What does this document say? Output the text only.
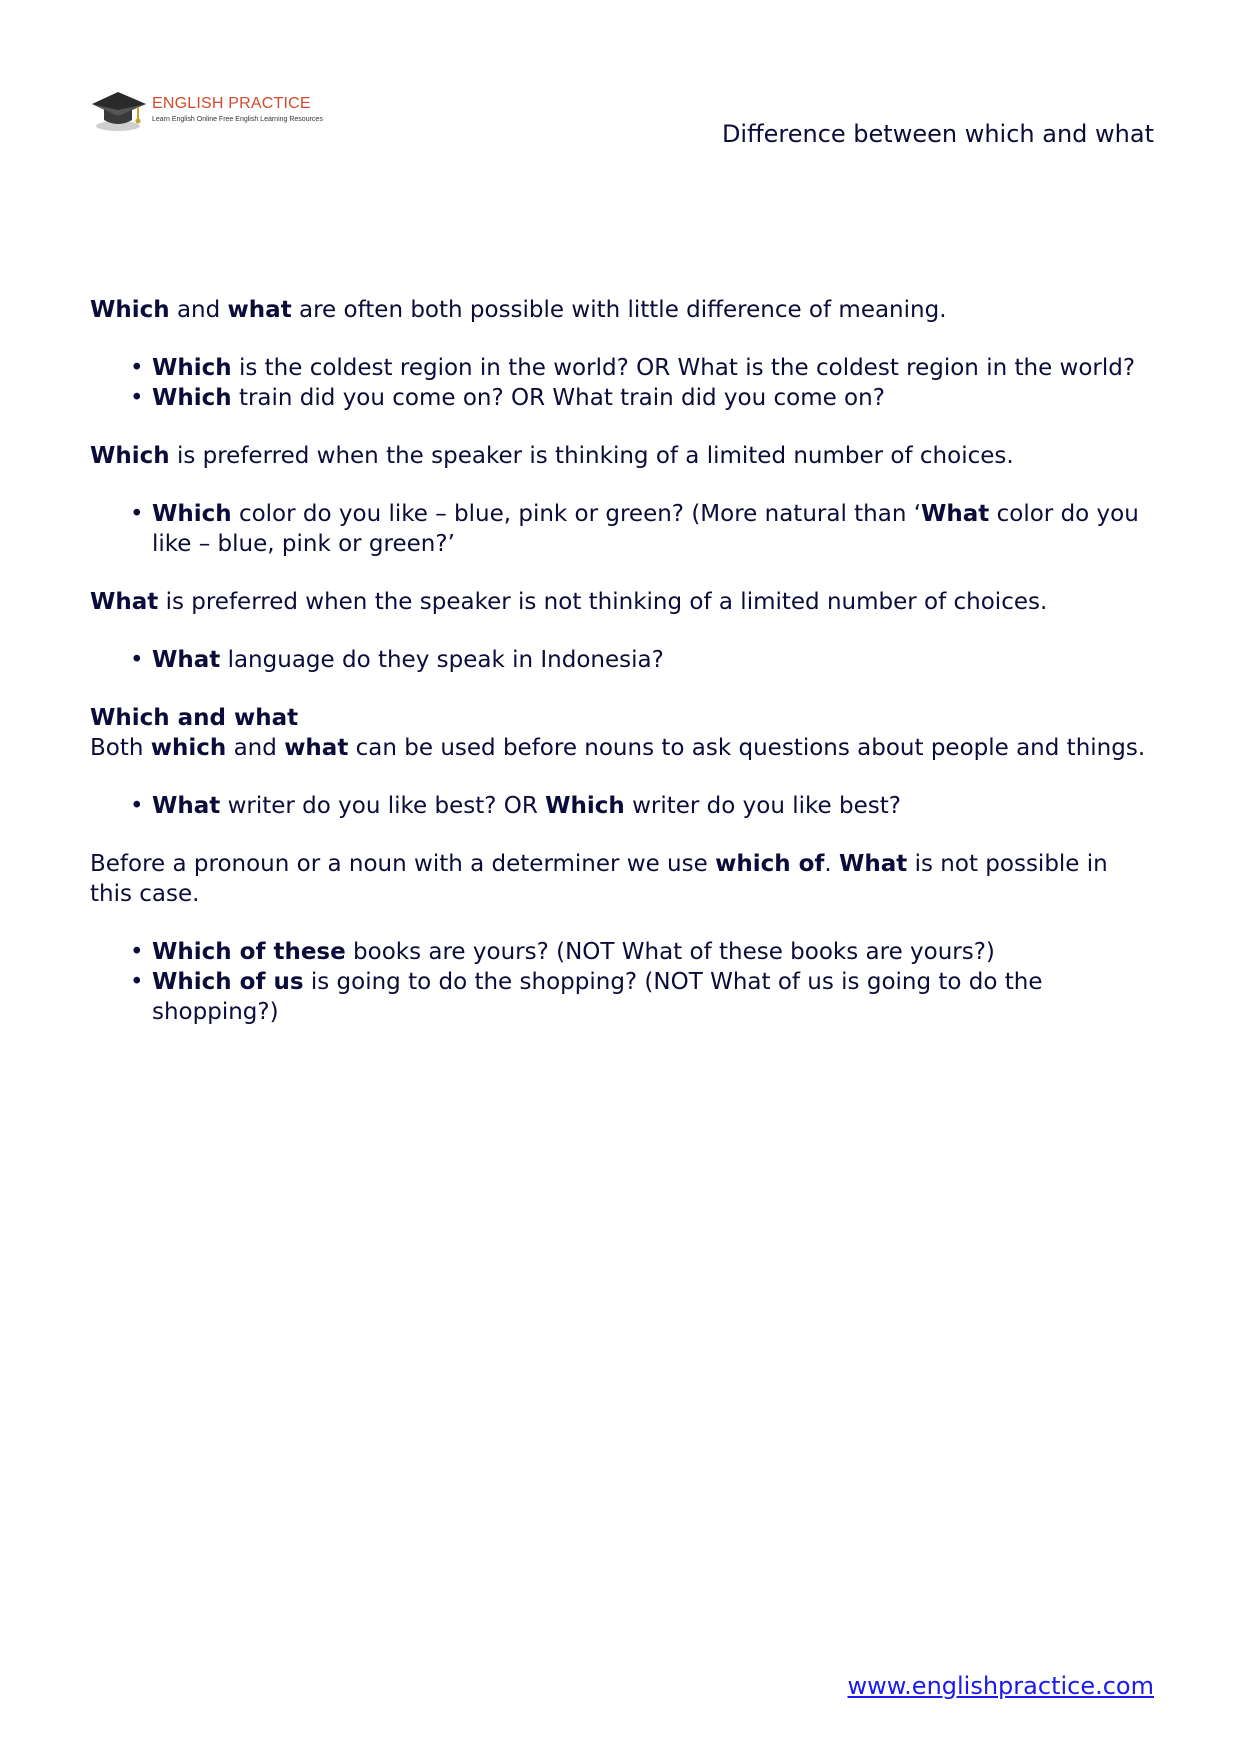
ENGLISH PRACTICE
Learn English Online Free English Learning Resources
Difference between which and what

Which and what are often both possible with little difference of meaning.

• Which is the coldest region in the world? OR What is the coldest region in the world?
• Which train did you come on? OR What train did you come on?

Which is preferred when the speaker is thinking of a limited number of choices.

• Which color do you like – blue, pink or green? (More natural than ‘What color do you like – blue, pink or green?’

What is preferred when the speaker is not thinking of a limited number of choices.

• What language do they speak in Indonesia?

Which and what

Both which and what can be used before nouns to ask questions about people and things.

• What writer do you like best? OR Which writer do you like best?

Before a pronoun or a noun with a determiner we use which of. What is not possible in this case.

• Which of these books are yours? (NOT What of these books are yours?)
• Which of us is going to do the shopping? (NOT What of us is going to do the shopping?)
www.englishpractice.com
